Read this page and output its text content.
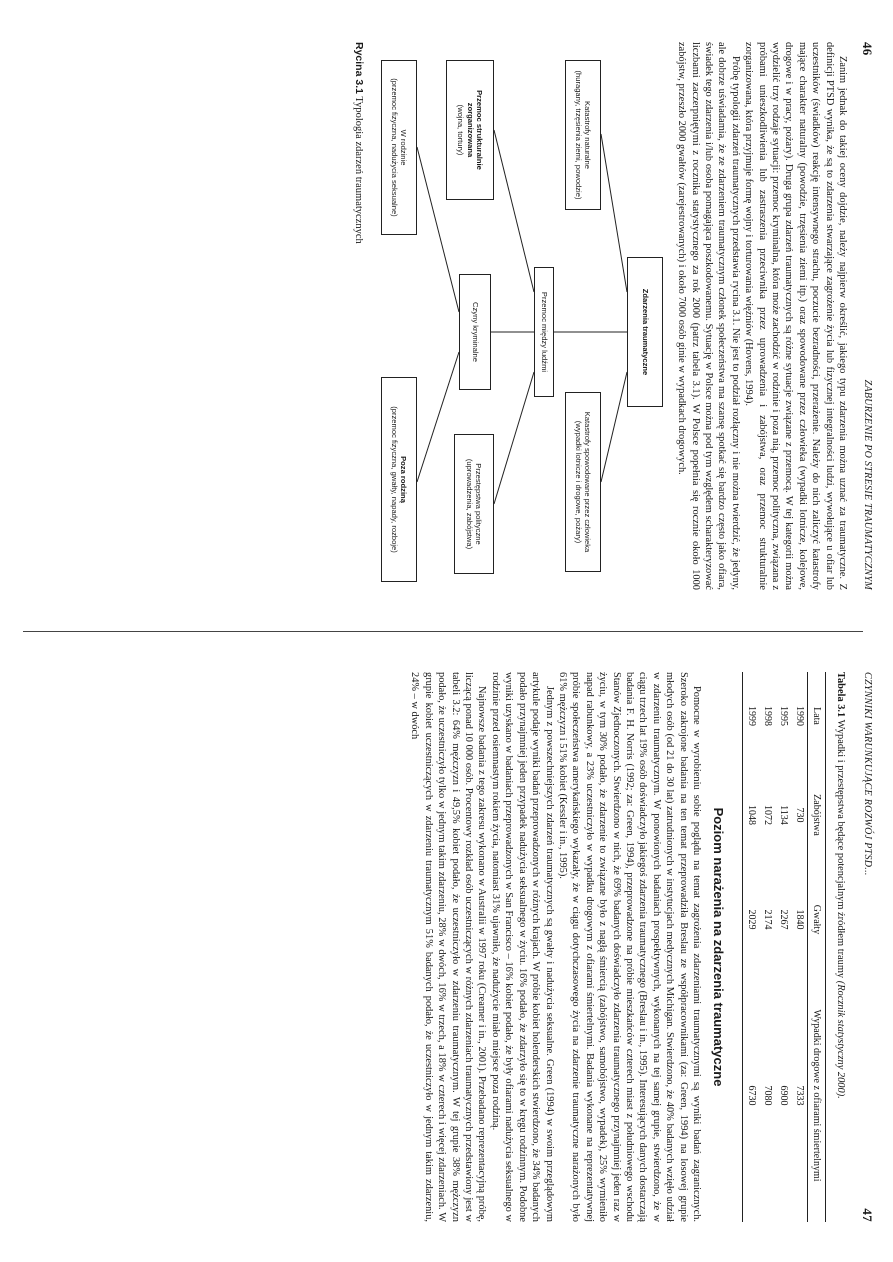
46
ZABURZENIE PO STRESIE TRAUMATYCZNYM

Zanim jednak do takiej oceny dojdzie, należy najpierw określić, jakiego typu zdarzenia można uznać za traumatyczne. Z definicji PTSD wynika, że są to zdarzenia stwarzające zagrożenie życia lub fizycznej integralności ludzi, wywołujące u ofiar lub uczestników (świadków) reakcję intensywnego strachu, poczucie bezradności, przerażenie. Należy do nich zaliczyć katastrofy mające charakter naturalny (powodzie, trzęsienia ziemi itp.) oraz spowodowane przez człowieka (wypadki lotnicze, kolejowe, drogowe i w pracy, pożary). Druga grupa zdarzeń traumatycznych są różne sytuacje związane z przemocą. W tej kategorii można wydzielić trzy rodzaje sytuacji: przemoc kryminalna, która może zachodzić w rodzinie i poza nią, przemoc polityczna, związana z próbami unieszkodliwienia lub zastraszenia przeciwnika przez uprowadzenia i zabójstwa, oraz przemoc strukturalnie zorganizowana, która przyjmuje formę wojny i torturowania więźniów (Hovens, 1994).

Próbę typologii zdarzeń traumatycznych przedstawia rycina 3.1. Nie jest to podział rozłączny i nie można twierdzić, że jedyny, ale dobrze uświadamia, że ze zdarzeniem traumatycznym członek społeczeństwa ma szansę spotkać się bardzo często jako ofiara, świadek tego zdarzenia i/lub osoba pomagająca poszkodowanemu. Sytuację w Polsce można pod tym względem scharakteryzować liczbami zaczerpniętymi z rocznika statystycznego za rok 2000 (patrz tabela 3.1). W Polsce popełnia się rocznie około 1000 zabójstw, przeszło 2000 gwałtów (zarejestrowanych) i około 7000 osób ginie w wypadkach drogowych.

Zdarzenia traumatyczne
Katastrofy naturalne
(huragany, trzęsienia ziemi, powodzie)
Katastrofy spowodowane przez człowieka
(wypadki lotnicze i drogowe, pożary)
Przemoc między ludźmi
Przemoc strukturalnie
zorganizowana
(wojna, tortury)
Czyny kryminalne
Przestępstwa polityczne
(uprowadzenia, zabójstwa)
W rodzinie
(przemoc fizyczna, nadużycia seksualne)
Poza rodziną
(przemoc fizyczna, gwałty, napady, rozboje)
Rycina 3.1 Typologia zdarzeń traumatycznych
CZYNNIKI WARUNKUJĄCE ROZWÓJ PTSD...
47
Tabela 3.1 Wypadki i przestępstwa będące potencjalnym źródłem traumy (Rocznik statystyczny 2000).
Lata	Zabójstwa	Gwałty	Wypadki drogowe z ofiarami śmiertelnymi
1990	730	1840	7333
1995	1134	2267	6900
1998	1072	2174	7080
1999	1048	2029	6730
Poziom narażenia na zdarzenia traumatyczne

Pomocne w wyrobieniu sobie poglądu na temat zagrożenia zdarzeniami traumatycznymi są wyniki badań zagranicznych. Szeroko zakrojone badania na ten temat przeprowadziła Breslau ze współpracownikami (za: Green, 1994) na losowej grupie młodych osób (od 21 do 30 lat) zatrudnionych w instytucjach medycznych Michigan. Stwierdzono, że 40% badanych wzięło udział w zdarzeniu traumatycznym. W ponowionych badaniach prospektywnych, wykonanych na tej samej grupie, stwierdzono, że w ciągu trzech lat 19% osób doświadczyło jakiegoś zdarzenia traumatycznego (Breslau i in., 1995). Interesujących danych dostarczają badania F. H. Norris (1992; za: Green, 1994), przeprowadzone na próbie mieszkańców czterech miast z południowego wschodu Stanów Zjednoczonych. Stwierdzono w nich, że 69% badanych doświadczyło zdarzenia traumatycznego przynajmniej jeden raz w życiu, w tym 30% podało, że zdarzenie to związane było z nagłą śmiercią (zabójstwo, samobójstwo, wypadek), 25% wymieniło napad rabunkowy, a 23% uczestniczyło w wypadku drogowym z ofiarami śmiertelnymi. Badania wykonane na reprezentatywnej próbie społeczeństwa amerykańskiego wykazały, że w ciągu dotychczasowego życia na zdarzenie traumatyczne narażonych było 61% mężczyzn i 51% kobiet (Kessler i in., 1995).

Jednym z powszechniejszych zdarzeń traumatycznych są gwałty i nadużycia seksualne. Green (1994) w swoim przeglądowym artykule podaje wyniki badań przeprowadzonych w różnych krajach. W próbie kobiet holenderskich stwierdzono, że 34% badanych podało przynajmniej jeden przypadek nadużycia seksualnego w życiu. 16% podało, że zdarzyło się to w kręgu rodzinnym. Podobne wyniki uzyskano w badaniach przeprowadzonych w San Francisco – 16% kobiet podało, że były ofiarami nadużycia seksualnego w rodzinie przed osiemnastym rokiem życia, natomiast 31% ujawniło, że nadużycie miało miejsce poza rodziną.

Najnowsze badania z tego zakresu wykonano w Australii w 1997 roku (Creamer i in., 2001). Przebadano reprezentacyjną próbę, liczącą ponad 10 000 osób. Procentowy rozkład osób uczestniczących w różnych zdarzeniach traumatycznych przedstawiony jest w tabeli 3.2: 64% mężczyzn i 49,5% kobiet podało, że uczestniczyło w zdarzeniu traumatycznym. W tej grupie 38% mężczyzn podało, że uczestniczyło tylko w jednym takim zdarzeniu, 28% w dwóch, 16% w trzech, a 18% w czterech i więcej zdarzeniach. W grupie kobiet uczestniczących w zdarzeniu traumatycznym 51% badanych podało, że uczestniczyło w jednym takim zdarzeniu, 24% – w dwóch
